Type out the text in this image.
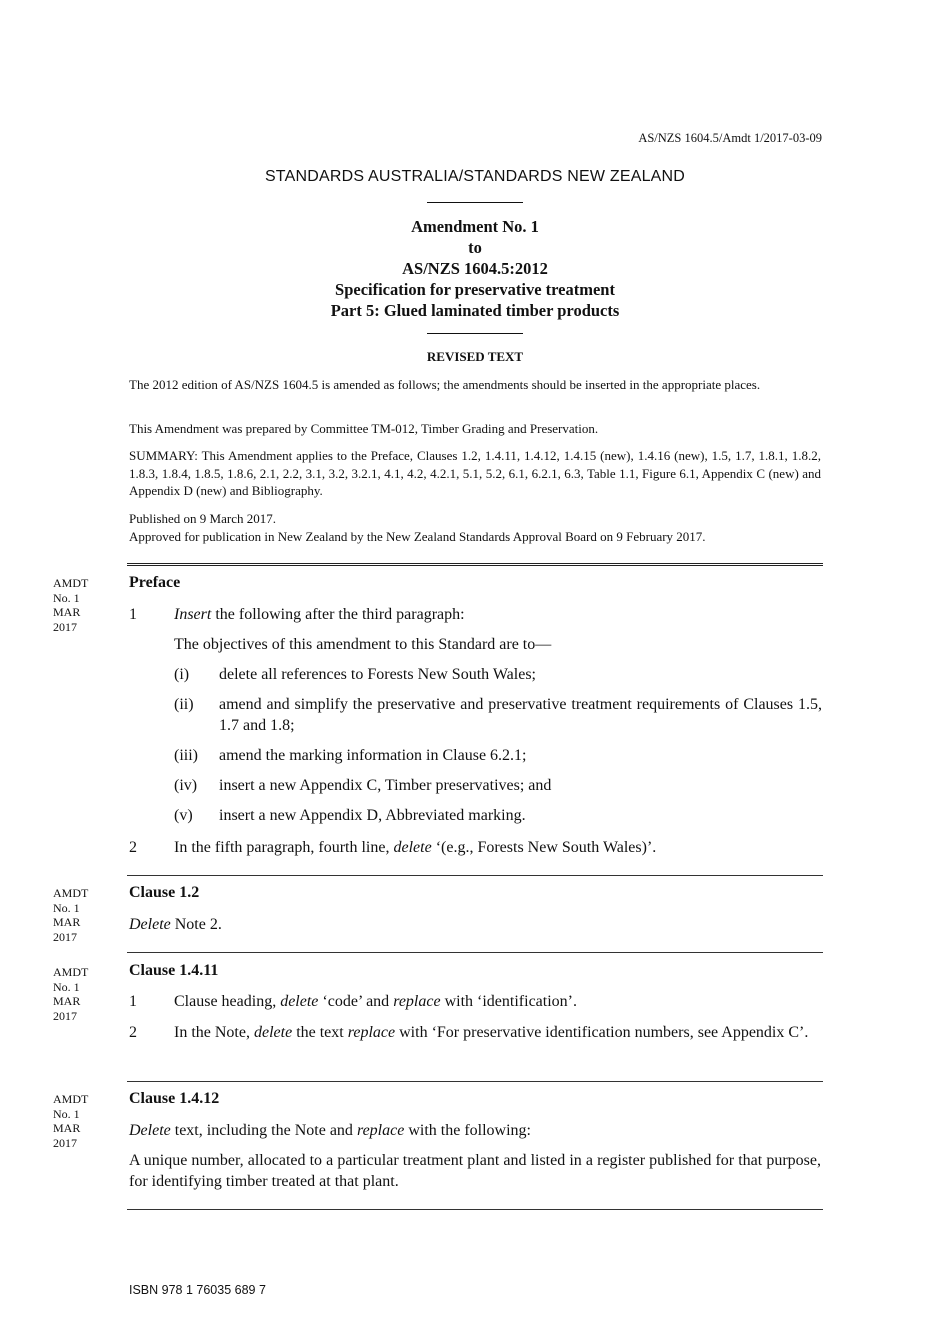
AS/NZS 1604.5/Amdt 1/2017-03-09
STANDARDS AUSTRALIA/STANDARDS NEW ZEALAND
Amendment No. 1
to
AS/NZS 1604.5:2012
Specification for preservative treatment
Part 5: Glued laminated timber products
REVISED TEXT
The 2012 edition of AS/NZS 1604.5 is amended as follows; the amendments should be inserted in the appropriate places.
This Amendment was prepared by Committee TM-012, Timber Grading and Preservation.
SUMMARY: This Amendment applies to the Preface, Clauses 1.2, 1.4.11, 1.4.12, 1.4.15 (new), 1.4.16 (new), 1.5, 1.7, 1.8.1, 1.8.2, 1.8.3, 1.8.4, 1.8.5, 1.8.6, 2.1, 2.2, 3.1, 3.2, 3.2.1, 4.1, 4.2, 4.2.1, 5.1, 5.2, 6.1, 6.2.1, 6.3, Table 1.1, Figure 6.1, Appendix C (new) and Appendix D (new) and Bibliography.
Published on 9 March 2017.
Approved for publication in New Zealand by the New Zealand Standards Approval Board on 9 February 2017.
AMDT
No. 1
MAR
2017
Preface
1 Insert the following after the third paragraph:
The objectives of this amendment to this Standard are to—
(i)	delete all references to Forests New South Wales;
(ii)	amend and simplify the preservative and preservative treatment requirements of Clauses 1.5, 1.7 and 1.8;
(iii)	amend the marking information in Clause 6.2.1;
(iv)	insert a new Appendix C, Timber preservatives; and
(v)	insert a new Appendix D, Abbreviated marking.
2 In the fifth paragraph, fourth line, delete ‘(e.g., Forests New South Wales)’.
AMDT
No. 1
MAR
2017
Clause 1.2
Delete Note 2.
AMDT
No. 1
MAR
2017
Clause 1.4.11
1 Clause heading, delete ‘code’ and replace with ‘identification’.
2	In the Note, delete the text replace with ‘For preservative identification numbers, see Appendix C’.
AMDT
No. 1
MAR
2017
Clause 1.4.12
Delete text, including the Note and replace with the following:
A unique number, allocated to a particular treatment plant and listed in a register published for that purpose, for identifying timber treated at that plant.
ISBN 978 1 76035 689 7
